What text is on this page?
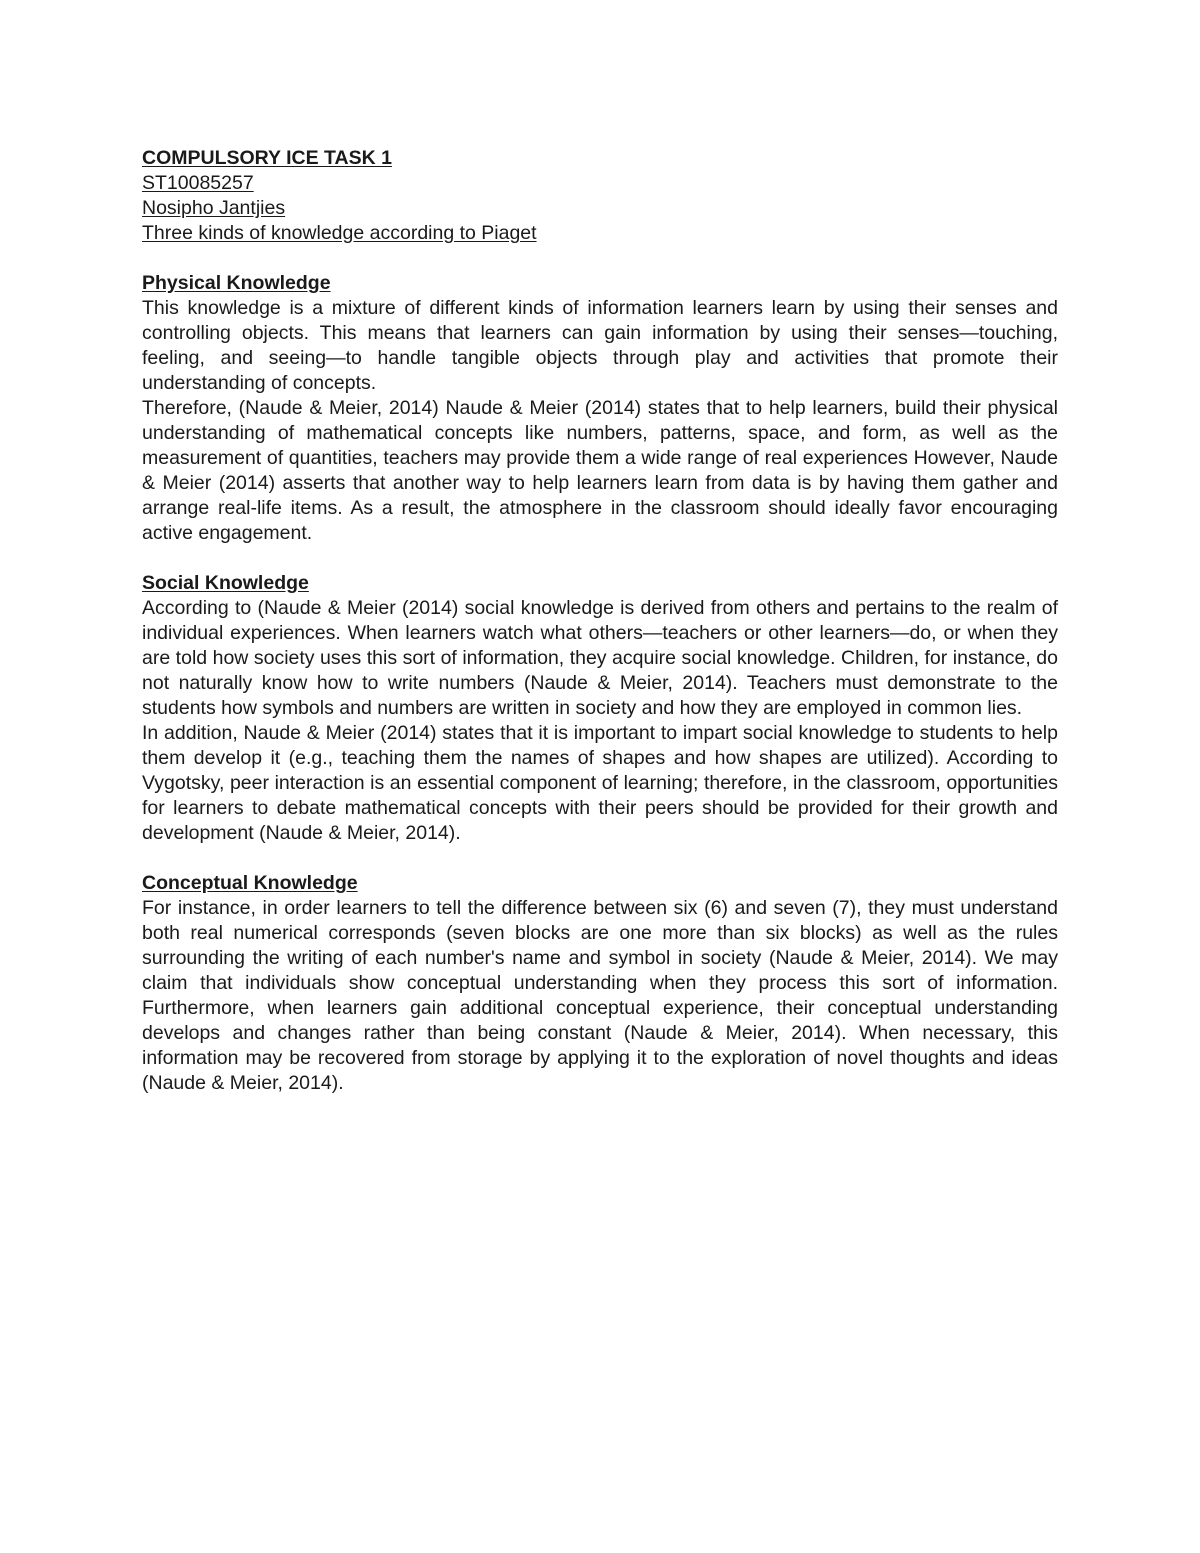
COMPULSORY ICE TASK 1

ST10085257

Nosipho Jantjies

Three kinds of knowledge according to Piaget

Physical Knowledge

This knowledge is a mixture of different kinds of information learners learn by using their senses and controlling objects. This means that learners can gain information by using their senses—touching, feeling, and seeing—to handle tangible objects through play and activities that promote their understanding of concepts.

Therefore, (Naude & Meier, 2014) Naude & Meier (2014) states that to help learners, build their physical understanding of mathematical concepts like numbers, patterns, space, and form, as well as the measurement of quantities, teachers may provide them a wide range of real experiences However, Naude & Meier (2014) asserts that another way to help learners learn from data is by having them gather and arrange real-life items. As a result, the atmosphere in the classroom should ideally favor encouraging active engagement.

Social Knowledge

According to (Naude & Meier (2014) social knowledge is derived from others and pertains to the realm of individual experiences. When learners watch what others—teachers or other learners—do, or when they are told how society uses this sort of information, they acquire social knowledge. Children, for instance, do not naturally know how to write numbers (Naude & Meier, 2014). Teachers must demonstrate to the students how symbols and numbers are written in society and how they are employed in common lies.

In addition, Naude & Meier (2014) states that it is important to impart social knowledge to students to help them develop it (e.g., teaching them the names of shapes and how shapes are utilized). According to Vygotsky, peer interaction is an essential component of learning; therefore, in the classroom, opportunities for learners to debate mathematical concepts with their peers should be provided for their growth and development (Naude & Meier, 2014).

Conceptual Knowledge

For instance, in order learners to tell the difference between six (6) and seven (7), they must understand both real numerical corresponds (seven blocks are one more than six blocks) as well as the rules surrounding the writing of each number's name and symbol in society (Naude & Meier, 2014). We may claim that individuals show conceptual understanding when they process this sort of information. Furthermore, when learners gain additional conceptual experience, their conceptual understanding develops and changes rather than being constant (Naude & Meier, 2014). When necessary, this information may be recovered from storage by applying it to the exploration of novel thoughts and ideas (Naude & Meier, 2014).
